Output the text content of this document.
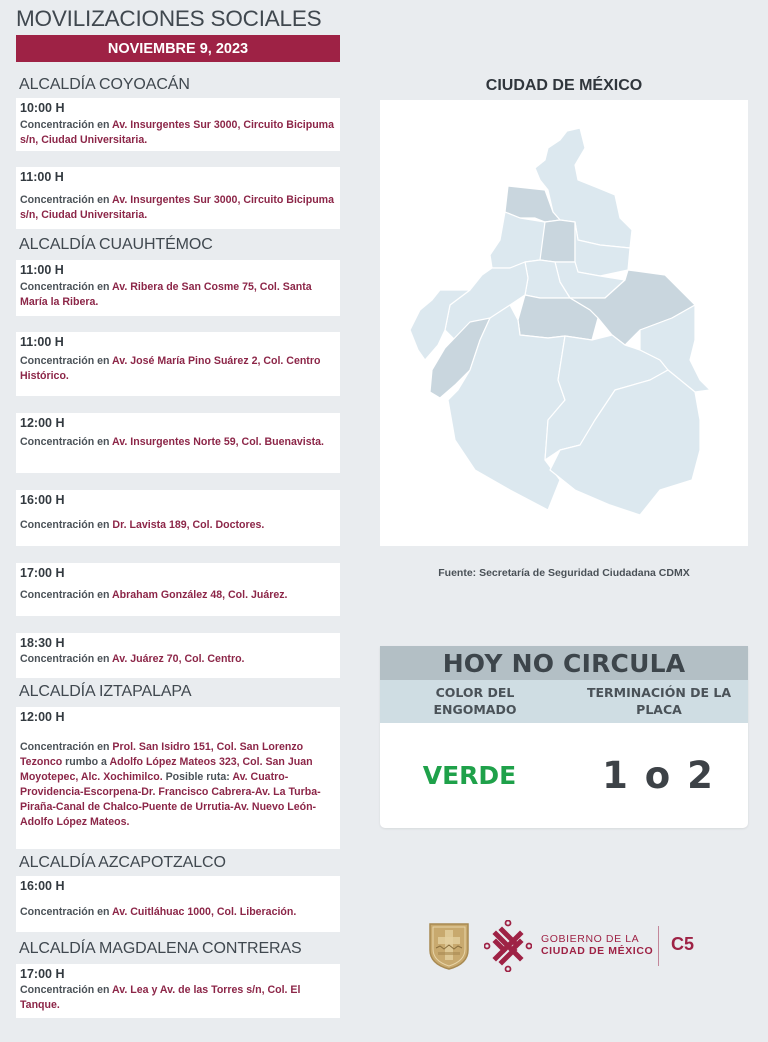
MOVILIZACIONES SOCIALES
NOVIEMBRE 9, 2023
ALCALDÍA COYOACÁN
10:00 H
Concentración en Av. Insurgentes Sur 3000, Circuito Bicipuma s/n, Ciudad Universitaria.
11:00 H
Concentración en Av. Insurgentes Sur 3000, Circuito Bicipuma s/n, Ciudad Universitaria.
ALCALDÍA CUAUHTÉMOC
11:00 H
Concentración en Av. Ribera de San Cosme 75, Col. Santa María la Ribera.
11:00 H
Concentración en Av. José María Pino Suárez 2, Col. Centro Histórico.
12:00 H
Concentración en Av. Insurgentes Norte 59, Col. Buenavista.
16:00 H
Concentración en Dr. Lavista 189, Col. Doctores.
17:00 H
Concentración en Abraham González 48, Col. Juárez.
18:30 H
Concentración en Av. Juárez 70, Col. Centro.
ALCALDÍA IZTAPALAPA
12:00 H
Concentración en Prol. San Isidro 151, Col. San Lorenzo Tezonco rumbo a Adolfo López Mateos 323, Col. San Juan Moyotepec, Alc. Xochimilco. Posible ruta: Av. Cuatro-Providencia-Escorpena-Dr. Francisco Cabrera-Av. La Turba- Piraña-Canal de Chalco-Puente de Urrutia-Av. Nuevo León-Adolfo López Mateos.
ALCALDÍA AZCAPOTZALCO
16:00 H
Concentración en Av. Cuitláhuac 1000, Col. Liberación.
ALCALDÍA MAGDALENA CONTRERAS
17:00 H
Concentración en Av. Lea y Av. de las Torres s/n, Col. El Tanque.
CIUDAD DE MÉXICO
Fuente: Secretaría de Seguridad Ciudadana CDMX
HOY NO CIRCULA
COLOR DEL ENGOMADO
TERMINACIÓN DE LA PLACA
VERDE	1 o 2
GOBIERNO DE LA
CIUDAD DE MÉXICO C5
